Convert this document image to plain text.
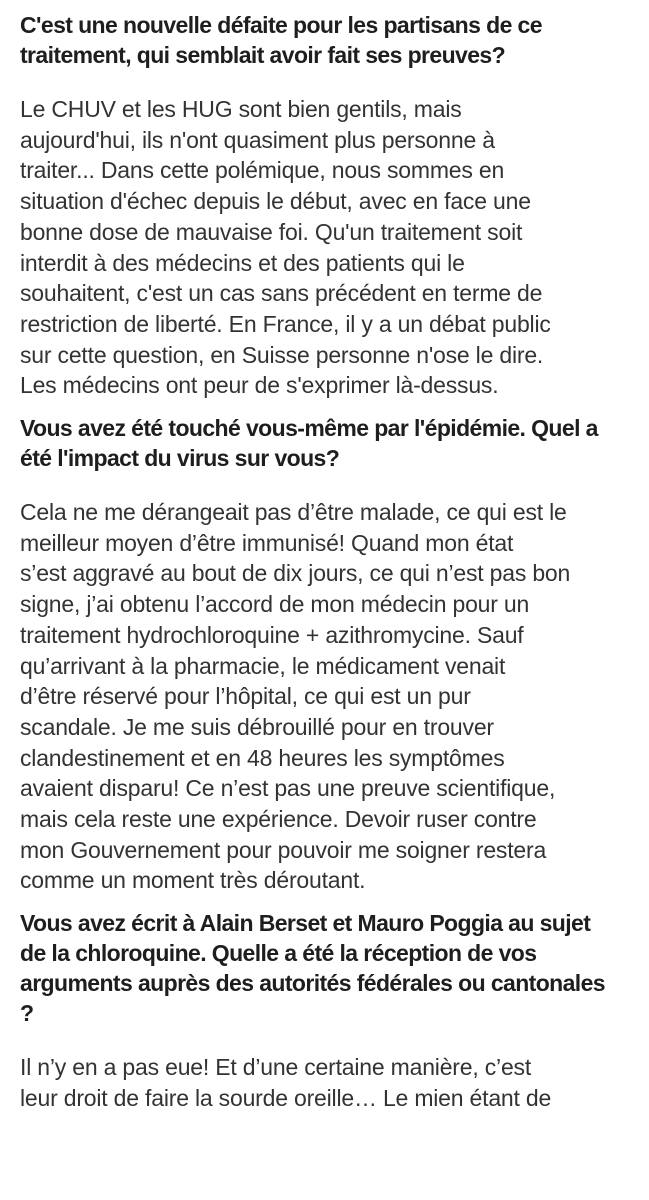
C'est une nouvelle défaite pour les partisans de ce
traitement, qui semblait avoir fait ses preuves?

Le CHUV et les HUG sont bien gentils, mais
aujourd'hui, ils n'ont quasiment plus personne à
traiter... Dans cette polémique, nous sommes en
situation d'échec depuis le début, avec en face une
bonne dose de mauvaise foi. Qu'un traitement soit
interdit à des médecins et des patients qui le
souhaitent, c'est un cas sans précédent en terme de
restriction de liberté. En France, il y a un débat public
sur cette question, en Suisse personne n'ose le dire.
Les médecins ont peur de s'exprimer là-dessus.

Vous avez été touché vous-même par l'épidémie. Quel a
été l'impact du virus sur vous?

Cela ne me dérangeait pas d’être malade, ce qui est le
meilleur moyen d’être immunisé! Quand mon état
s’est aggravé au bout de dix jours, ce qui n’est pas bon
signe, j’ai obtenu l’accord de mon médecin pour un
traitement hydrochloroquine + azithromycine. Sauf
qu’arrivant à la pharmacie, le médicament venait
d’être réservé pour l’hôpital, ce qui est un pur
scandale. Je me suis débrouillé pour en trouver
clandestinement et en 48 heures les symptômes
avaient disparu! Ce n’est pas une preuve scientifique,
mais cela reste une expérience. Devoir ruser contre
mon Gouvernement pour pouvoir me soigner restera
comme un moment très déroutant.

Vous avez écrit à Alain Berset et Mauro Poggia au sujet
de la chloroquine. Quelle a été la réception de vos
arguments auprès des autorités fédérales ou cantonales
?

Il n’y en a pas eue! Et d’une certaine manière, c’est
leur droit de faire la sourde oreille… Le mien étant de
